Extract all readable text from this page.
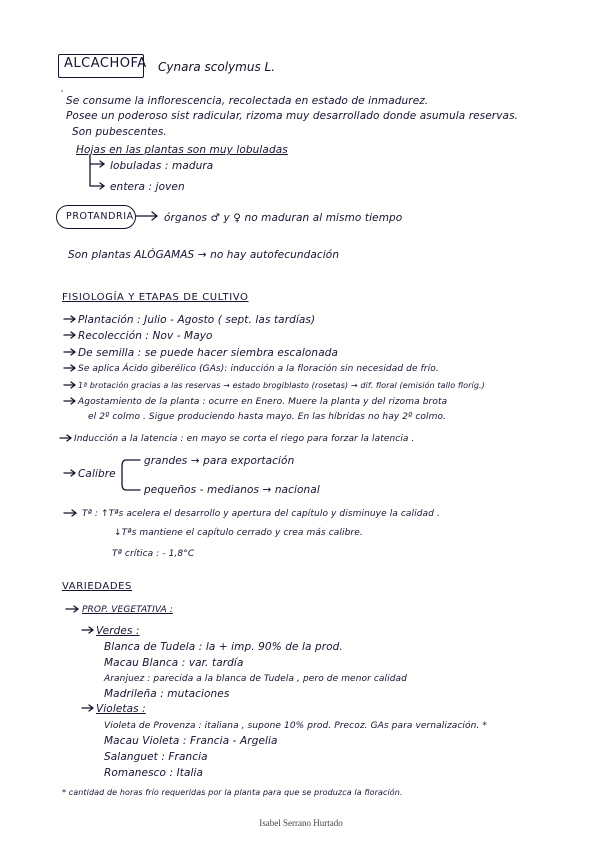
ALCACHOFA Cynara scolymus L.
Se consume la inflorescencia, recolectada en estado de inmadurez.
Posee un poderoso sist radicular, rizoma muy desarrollado donde asumula reservas.
Son pubescentes.
Hojas en las plantas son muy lobuladas
lobuladas : madura
entera : joven
PROTANDRIA	órganos ♂ y ♀ no maduran al mismo tiempo
Son plantas ALÓGAMAS → no hay autofecundación
FISIOLOGÍA Y ETAPAS DE CULTIVO
Plantación : Julio - Agosto ( sept. las tardías)
Recolección : Nov - Mayo
De semilla : se puede hacer siembra escalonada
Se aplica Ácido giberélico (GAs): inducción a la floración sin necesidad de frío.
1ª brotación gracias a las reservas → estado brogiblasto (rosetas) → dif. floral (emisión tallo floríg.)
Agostamiento de la planta : ocurre en Enero. Muere la planta y del rizoma brota
el 2º colmo . Sigue produciendo hasta mayo. En las híbridas no hay 2º colmo.
Inducción a la latencia : en mayo se corta el riego para forzar la latencia .
Calibre
grandes → para exportación
pequeños - medianos → nacional
Tª : ↑Tªs acelera el desarrollo y apertura del capítulo y disminuye la calidad .
↓Tªs mantiene el capítulo cerrado y crea más calibre.
Tª crítica : - 1,8°C
VARIEDADES
PROP. VEGETATIVA :
Verdes :
Blanca de Tudela : la + imp. 90% de la prod.
Macau Blanca : var. tardía
Aranjuez : parecida a la blanca de Tudela , pero de menor calidad
Madrileña : mutaciones
Violetas :
Violeta de Provenza : italiana , supone 10% prod. Precoz. GAs para vernalización. *
Macau Violeta : Francia - Argelia
Salanguet : Francia
Romanesco : Italia
* cantidad de horas frío requeridas por la planta para que se produzca la floración.
Isabel Serrano Hurtado
